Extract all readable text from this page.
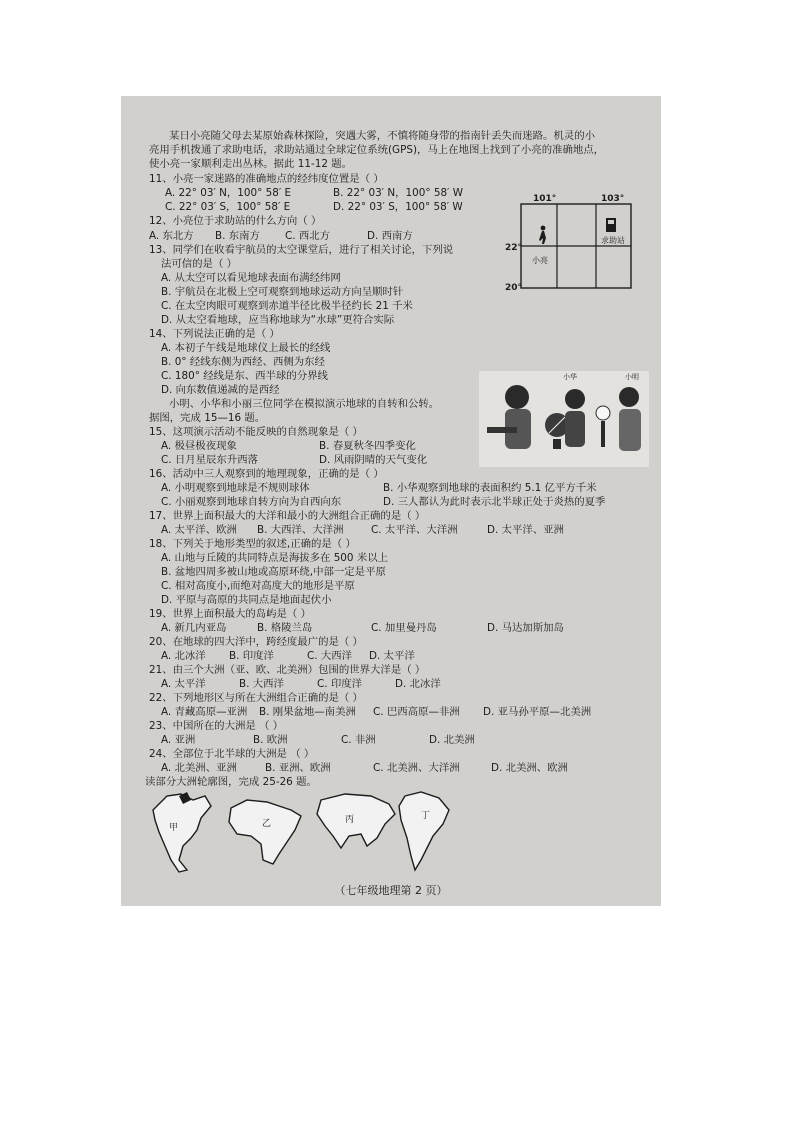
某日小亮随父母去某原始森林探险，突遇大雾，不慎将随身带的指南针丢失而迷路。机灵的小
亮用手机拨通了求助电话，求助站通过全球定位系统(GPS)，马上在地图上找到了小亮的准确地点，
使小亮一家顺利走出丛林。据此 11-12 题。
11、小亮一家迷路的准确地点的经纬度位置是（ ）
A. 22° 03′ N，100° 58′ E	B. 22° 03′ N，100° 58′ W
C. 22° 03′ S，100° 58′ E	D. 22° 03′ S，100° 58′ W
12、小亮位于求助站的什么方向（ ）
A. 东北方 B. 东南方 C. 西北方	D. 西南方
13、同学们在收看宇航员的太空课堂后，进行了相关讨论，下列说
法可信的是（ ）
A. 从太空可以看见地球表面布满经纬网
B. 宇航员在北极上空可观察到地球运动方向呈顺时针
C. 在太空肉眼可观察到赤道半径比极半径约长 21 千米
D. 从太空看地球，应当称地球为“水球”更符合实际
14、下列说法正确的是（ ）
A. 本初子午线是地球仪上最长的经线
B. 0° 经线东侧为西经、西侧为东经
C. 180° 经线是东、西半球的分界线
D. 向东数值递减的是西经
小明、小华和小丽三位同学在模拟演示地球的自转和公转。
据图，完成 15—16 题。
15、这项演示活动不能反映的自然现象是（ ）
A. 极昼极夜现象	B. 春夏秋冬四季变化
C. 日月星辰东升西落	D. 风雨阴晴的天气变化
16、活动中三人观察到的地理现象，正确的是（ ）
A. 小明观察到地球是不规则球体	B. 小华观察到地球的表面积约 5.1 亿平方千米
C. 小丽观察到地球自转方向为自西向东	D. 三人都认为此时表示北半球正处于炎热的夏季
17、世界上面积最大的大洋和最小的大洲组合正确的是（ ）
A. 太平洋、欧洲 B. 大西洋、大洋洲	C. 太平洋、大洋洲	D. 太平洋、亚洲
18、下列关于地形类型的叙述,正确的是（ ）
A. 山地与丘陵的共同特点是海拔多在 500 米以上
B. 盆地四周多被山地或高原环绕,中部一定是平原
C. 相对高度小,而绝对高度大的地形是平原
D. 平原与高原的共同点是地面起伏小
19、世界上面积最大的岛屿是（ ）
A. 新几内亚岛	B. 格陵兰岛	C. 加里曼丹岛	D. 马达加斯加岛
20、在地球的四大洋中，跨经度最广的是（ ）
A. 北冰洋 B. 印度洋	C. 大西洋 D. 太平洋
21、由三个大洲（亚、欧、北美洲）包围的世界大洋是（ ）
A. 太平洋	B. 大西洋	C. 印度洋	D. 北冰洋
22、下列地形区与所在大洲组合正确的是（ ）
A. 青藏高原—亚洲 B. 刚果盆地—南美洲 C. 巴西高原—非洲 D. 亚马孙平原—北美洲
23、中国所在的大洲是 （ ）
A. 亚洲	B. 欧洲	C. 非洲	D. 北美洲
24、全部位于北半球的大洲是 （ ）
A. 北美洲、亚洲	B. 亚洲、欧洲	C. 北美洲、大洋洲	D. 北美洲、欧洲
读部分大洲轮廓图，完成 25-26 题。
101°	103°
22°
20°
小亮
求助站
小华	小明
甲	乙	丙	丁
（七年级地理第 2 页）
